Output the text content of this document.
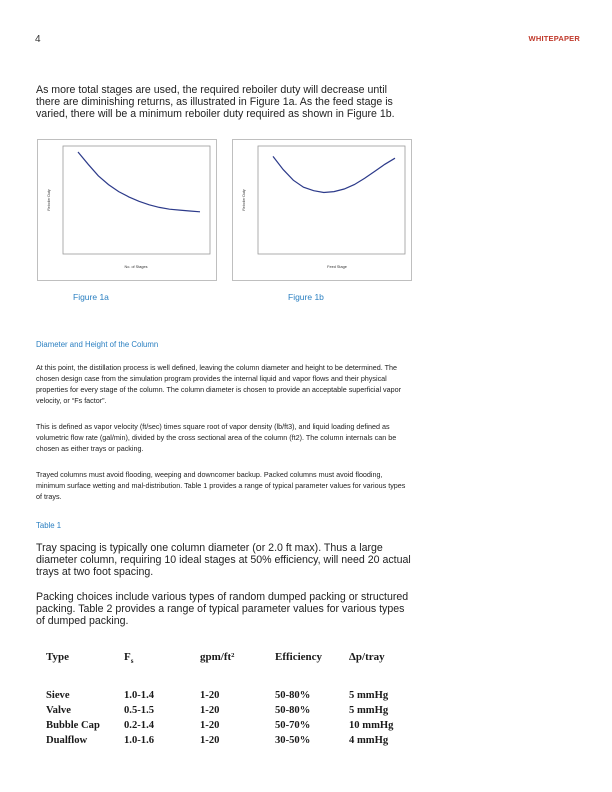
4	WHITEPAPER

As more total stages are used, the required reboiler duty will decrease until there are diminishing returns, as illustrated in Figure 1a. As the feed stage is varied, there will be a minimum reboiler duty required as shown in Figure 1b.

Reboiler Duty
No. of Stages
Reboiler Duty
Feed Stage
Figure 1a	Figure 1b
Diameter and Height of the Column

At this point, the distillation process is well defined, leaving the column diameter and height to be determined. The chosen design case from the simulation program provides the internal liquid and vapor flows and their physical properties for every stage of the column. The column diameter is chosen to provide an acceptable superficial vapor velocity, or “Fs factor”.

This is defined as vapor velocity (ft/sec) times square root of vapor density (lb/ft3), and liquid loading defined as volumetric flow rate (gal/min), divided by the cross sectional area of the column (ft2). The column internals can be chosen as either trays or packing.

Trayed columns must avoid flooding, weeping and downcomer backup. Packed columns must avoid flooding, minimum surface wetting and mal-distribution. Table 1 provides a range of typical parameter values for various types of trays.

Table 1

Tray spacing is typically one column diameter (or 2.0 ft max). Thus a large diameter column, requiring 10 ideal stages at 50% efficiency, will need 20 actual trays at two foot spacing.

Packing choices include various types of random dumped packing or structured packing. Table 2 provides a range of typical parameter values for various types of dumped packing.

Type	$F_s$	gpm/ft²	Efficiency	Δp/tray

Sieve	1.0-1.4	1-20	50-80%	5 mmHg
Valve	0.5-1.5	1-20	50-80%	5 mmHg
Bubble Cap	0.2-1.4	1-20	50-70%	10 mmHg
Dualflow	1.0-1.6	1-20	30-50%	4 mmHg
